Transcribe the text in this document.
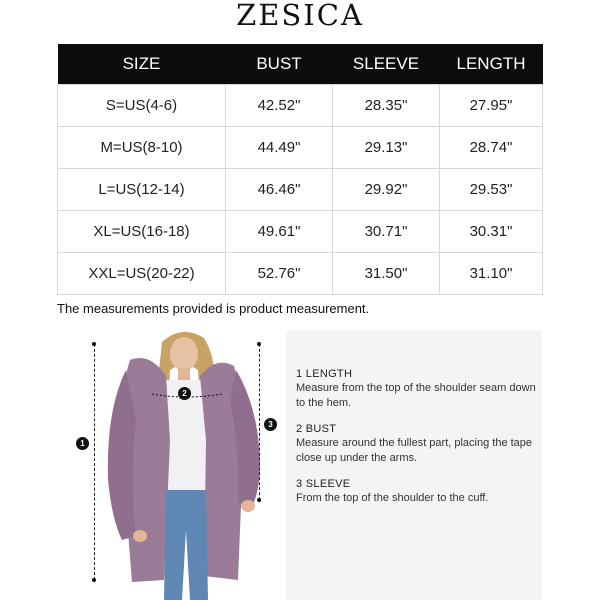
ZESICA
SIZE	BUST	SLEEVE	LENGTH
S=US(4-6)	42.52"	28.35"	27.95"
M=US(8-10)	44.49"	29.13"	28.74"
L=US(12-14)	46.46"	29.92"	29.53"
XL=US(16-18)	49.61"	30.71"	30.31"
XXL=US(20-22)	52.76"	31.50"	31.10"
The measurements provided is product measurement.
1
2
3
1 LENGTH
Measure from the top of the shoulder seam down to the hem.
2 BUST
Measure around the fullest part, placing the tape close up under the arms.
3 SLEEVE
From the top of the shoulder to the cuff.
